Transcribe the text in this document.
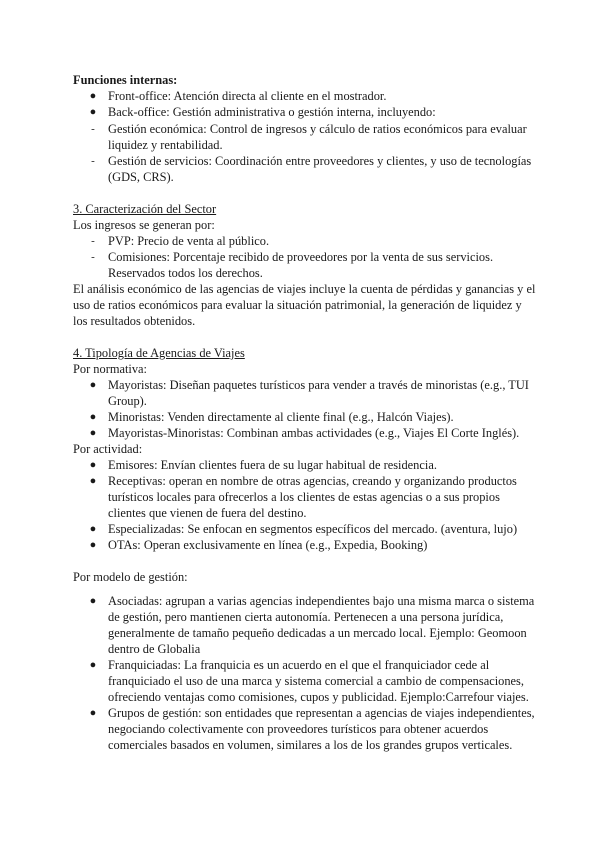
Funciones internas:
● Front-office: Atención directa al cliente en el mostrador.
● Back-office: Gestión administrativa o gestión interna, incluyendo:
-	Gestión económica: Control de ingresos y cálculo de ratios económicos para evaluar
liquidez y rentabilidad.
-	Gestión de servicios: Coordinación entre proveedores y clientes, y uso de tecnologías
(GDS, CRS).
3. Caracterización del Sector
Los ingresos se generan por:
-	PVP: Precio de venta al público.
-	Comisiones: Porcentaje recibido de proveedores por la venta de sus servicios.
Reservados todos los derechos.
El análisis económico de las agencias de viajes incluye la cuenta de pérdidas y ganancias y el
uso de ratios económicos para evaluar la situación patrimonial, la generación de liquidez y
los resultados obtenidos.
4. Tipología de Agencias de Viajes
Por normativa:
● Mayoristas: Diseñan paquetes turísticos para vender a través de minoristas (e.g., TUI
Group).
● Minoristas: Venden directamente al cliente final (e.g., Halcón Viajes).
● Mayoristas-Minoristas: Combinan ambas actividades (e.g., Viajes El Corte Inglés).
Por actividad:
● Emisores: Envían clientes fuera de su lugar habitual de residencia.
● Receptivas: operan en nombre de otras agencias, creando y organizando productos
turísticos locales para ofrecerlos a los clientes de estas agencias o a sus propios
clientes que vienen de fuera del destino.
● Especializadas: Se enfocan en segmentos específicos del mercado. (aventura, lujo)
● OTAs: Operan exclusivamente en línea (e.g., Expedia, Booking)
Por modelo de gestión:
● Asociadas: agrupan a varias agencias independientes bajo una misma marca o sistema
de gestión, pero mantienen cierta autonomía. Pertenecen a una persona jurídica,
generalmente de tamaño pequeño dedicadas a un mercado local. Ejemplo: Geomoon
dentro de Globalia
● Franquiciadas: La franquicia es un acuerdo en el que el franquiciador cede al
franquiciado el uso de una marca y sistema comercial a cambio de compensaciones,
ofreciendo ventajas como comisiones, cupos y publicidad. Ejemplo:Carrefour viajes.
● Grupos de gestión: son entidades que representan a agencias de viajes independientes,
negociando colectivamente con proveedores turísticos para obtener acuerdos
comerciales basados en volumen, similares a los de los grandes grupos verticales.
